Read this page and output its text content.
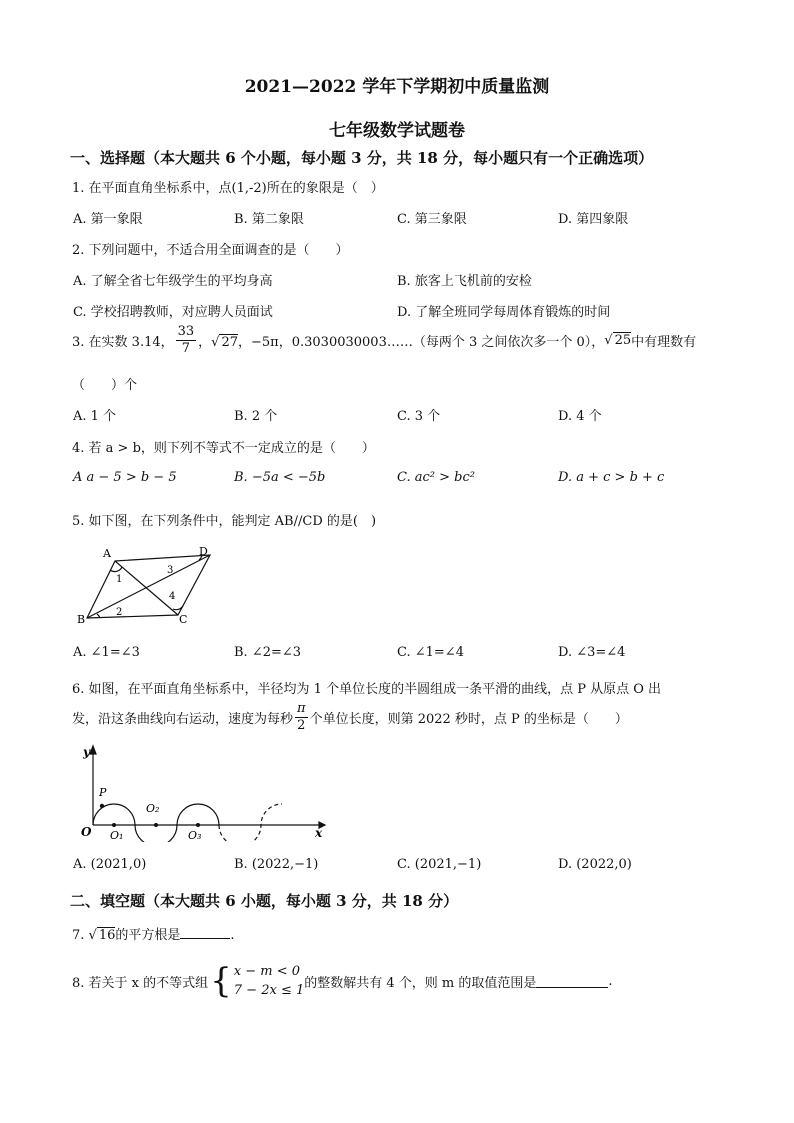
2021—2022 学年下学期初中质量监测
七年级数学试题卷
一、选择题（本大题共 6 个小题，每小题 3 分，共 18 分，每小题只有一个正确选项）
1. 在平面直角坐标系中，点(1,-2)所在的象限是（　）
A. 第一象限	B. 第二象限	C. 第三象限	D. 第四象限
2. 下列问题中，不适合用全面调查的是（　　）
A. 了解全省七年级学生的平均身高	B. 旅客上飞机前的安检
C. 学校招聘教师，对应聘人员面试	D. 了解全班同学每周体育锻炼的时间
3. 在实数 3.14， $\frac{33}{7}$ ，√ 27 ，−5π，0.3030030003……（每两个 3 之间依次多一个 0）， √ 25 中有理数有
（　　）个
A. 1 个	B. 2 个	C. 3 个	D. 4 个
4. 若 a > b，则下列不等式不一定成立的是（　　）
A a − 5 > b − 5	B. −5a < −5b	C. ac² > bc²	D. a + c > b + c
5. 如下图，在下列条件中，能判定 AB//CD 的是(　)
A	D
B	C
1
2
3
4
A. ∠1=∠3	B. ∠2=∠3	C. ∠1=∠4	D. ∠3=∠4
6. 如图，在平面直角坐标系中，半径均为 1 个单位长度的半圆组成一条平滑的曲线，点 P 从原点 O 出
发，沿这条曲线向右运动，速度为每秒 $\frac{\pi}{2}$ 个单位长度，则第 2022 秒时，点 P 的坐标是（　　）
y
x
O
P
O₁
O₂
O₃
A. (2021,0)	B. (2022,−1)	C. (2021,−1)	D. (2022,0)
二、填空题（本大题共 6 小题，每小题 3 分，共 18 分）
7. √ 16的平方根是	.
8. 若关于 x 的不等式组 { x − m < 0
7 − 2x ≤ 1 的整数解共有 4 个，则 m 的取值范围是	.
